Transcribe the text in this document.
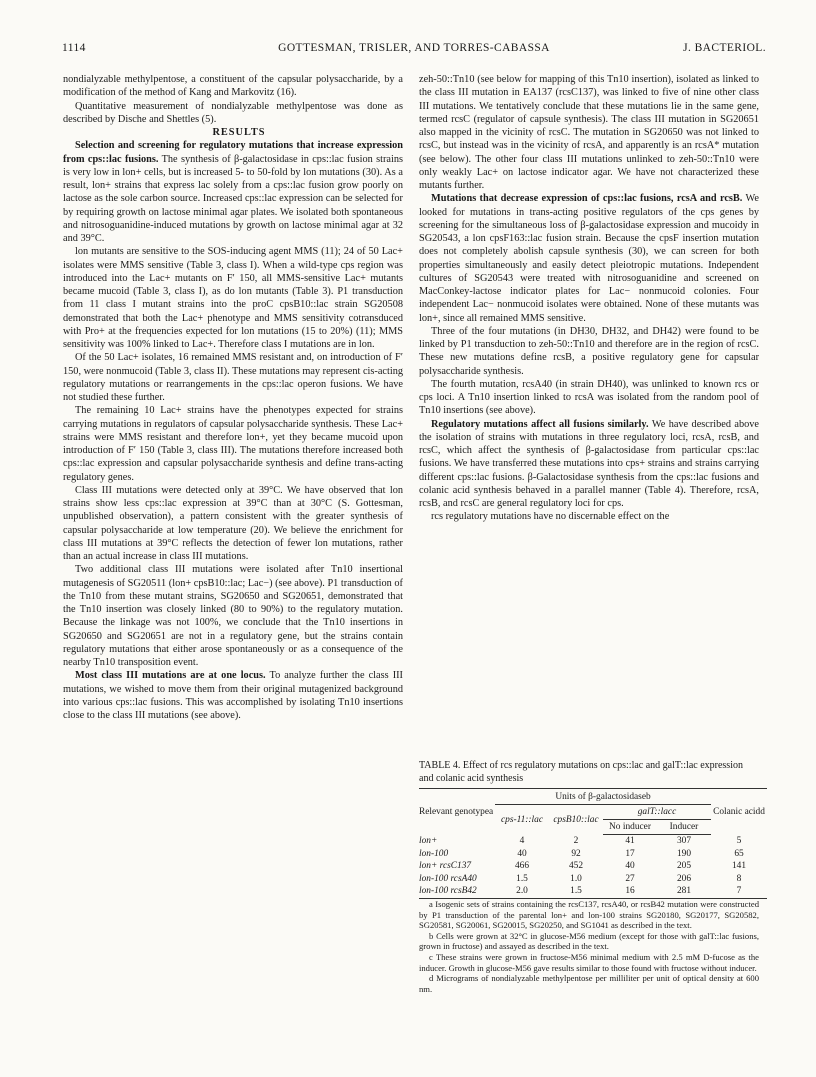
1114	GOTTESMAN, TRISLER, AND TORRES-CABASSA	J. BACTERIOL.

nondialyzable methylpentose, a constituent of the capsular polysaccharide, by a modification of the method of Kang and Markovitz (16).

Quantitative measurement of nondialyzable methylpentose was done as described by Dische and Shettles (5).

RESULTS

Selection and screening for regulatory mutations that increase expression from cps::lac fusions. The synthesis of β-galactosidase in cps::lac fusion strains is very low in lon+ cells, but is increased 5- to 50-fold by lon mutations (30). As a result, lon+ strains that express lac solely from a cps::lac fusion grow poorly on lactose as the sole carbon source. Increased cps::lac expression can be selected for by requiring growth on lactose minimal agar plates. We isolated both spontaneous and nitrosoguanidine-induced mutations by growth on lactose minimal agar at 32 and 39°C.

lon mutants are sensitive to the SOS-inducing agent MMS (11); 24 of 50 Lac+ isolates were MMS sensitive (Table 3, class I). When a wild-type cps region was introduced into the Lac+ mutants on F′ 150, all MMS-sensitive Lac+ mutants became mucoid (Table 3, class I), as do lon mutants (Table 3). P1 transduction from 11 class I mutant strains into the proC cpsB10::lac strain SG20508 demonstrated that both the Lac+ phenotype and MMS sensitivity cotransduced with Pro+ at the frequencies expected for lon mutations (15 to 20%) (11); MMS sensitivity was 100% linked to Lac+. Therefore class I mutations are in lon.

Of the 50 Lac+ isolates, 16 remained MMS resistant and, on introduction of F′ 150, were nonmucoid (Table 3, class II). These mutations may represent cis-acting regulatory mutations or rearrangements in the cps::lac operon fusions. We have not studied these further.

The remaining 10 Lac+ strains have the phenotypes expected for strains carrying mutations in regulators of capsular polysaccharide synthesis. These Lac+ strains were MMS resistant and therefore lon+, yet they became mucoid upon introduction of F′ 150 (Table 3, class III). The mutations therefore increased both cps::lac expression and capsular polysaccharide synthesis and define trans-acting regulatory genes.

Class III mutations were detected only at 39°C. We have observed that lon strains show less cps::lac expression at 39°C than at 30°C (S. Gottesman, unpublished observation), a pattern consistent with the greater synthesis of capsular polysaccharide at low temperature (20). We believe the enrichment for class III mutations at 39°C reflects the detection of fewer lon mutations, rather than an actual increase in class III mutations.

Two additional class III mutations were isolated after Tn10 insertional mutagenesis of SG20511 (lon+ cpsB10::lac; Lac−) (see above). P1 transduction of the Tn10 from these mutant strains, SG20650 and SG20651, demonstrated that the Tn10 insertion was closely linked (80 to 90%) to the regulatory mutation. Because the linkage was not 100%, we conclude that the Tn10 insertions in SG20650 and SG20651 are not in a regulatory gene, but the strains contain regulatory mutations that either arose spontaneously or as a consequence of the nearby Tn10 transposition event.

Most class III mutations are at one locus. To analyze further the class III mutations, we wished to move them from their original mutagenized background into various cps::lac fusions. This was accomplished by isolating Tn10 insertions close to the class III mutations (see above).

zeh-50::Tn10 (see below for mapping of this Tn10 insertion), isolated as linked to the class III mutation in EA137 (rcsC137), was linked to five of nine other class III mutations. We tentatively conclude that these mutations lie in the same gene, termed rcsC (regulator of capsule synthesis). The class III mutation in SG20651 also mapped in the vicinity of rcsC. The mutation in SG20650 was not linked to rcsC, but instead was in the vicinity of rcsA, and apparently is an rcsA* mutation (see below). The other four class III mutations unlinked to zeh-50::Tn10 were only weakly Lac+ on lactose indicator agar. We have not characterized these mutants further.

Mutations that decrease expression of cps::lac fusions, rcsA and rcsB. We looked for mutations in trans-acting positive regulators of the cps genes by screening for the simultaneous loss of β-galactosidase expression and mucoidy in SG20543, a lon cpsF163::lac fusion strain. Because the cpsF insertion mutation does not completely abolish capsule synthesis (30), we can screen for both properties simultaneously and easily detect pleiotropic mutations. Independent cultures of SG20543 were treated with nitrosoguanidine and screened on MacConkey-lactose indicator plates for Lac− nonmucoid colonies. Four independent Lac− nonmucoid isolates were obtained. None of these mutants was lon+, since all remained MMS sensitive.

Three of the four mutations (in DH30, DH32, and DH42) were found to be linked by P1 transduction to zeh-50::Tn10 and therefore are in the region of rcsC. These new mutations define rcsB, a positive regulatory gene for capsular polysaccharide synthesis.

The fourth mutation, rcsA40 (in strain DH40), was unlinked to known rcs or cps loci. A Tn10 insertion linked to rcsA was isolated from the random pool of Tn10 insertions (see above).

Regulatory mutations affect all fusions similarly. We have described above the isolation of strains with mutations in three regulatory loci, rcsA, rcsB, and rcsC, which affect the synthesis of β-galactosidase from particular cps::lac fusions. We have transferred these mutations into cps+ strains and strains carrying different cps::lac fusions. β-Galactosidase synthesis from the cps::lac fusions and colanic acid synthesis behaved in a parallel manner (Table 4). Therefore, rcsA, rcsB, and rcsC are general regulatory loci for cps.

rcs regulatory mutations have no discernable effect on the

TABLE 4. Effect of rcs regulatory mutations on cps::lac and galT::lac expression and colanic acid synthesis
Relevant genotypea	Units of β-galactosidaseb				Colanic acidd
	cps-11::lac	cpsB10::lac	galT::lacc		
			No inducer	Inducer	
lon+	4	2	41	307	5
lon-100	40	92	17	190	65
lon+ rcsC137	466	452	40	205	141
lon-100 rcsA40	1.5	1.0	27	206	8
lon-100 rcsB42	2.0	1.5	16	281	7

a Isogenic sets of strains containing the rcsC137, rcsA40, or rcsB42 mutation were constructed by P1 transduction of the parental lon+ and lon-100 strains SG20180, SG20177, SG20582, SG20581, SG20061, SG20015, SG20250, and SG1041 as described in the text.

b Cells were grown at 32°C in glucose-M56 medium (except for those with galT::lac fusions, grown in fructose) and assayed as described in the text.

c These strains were grown in fructose-M56 minimal medium with 2.5 mM D-fucose as the inducer. Growth in glucose-M56 gave results similar to those found with fructose without inducer.

d Micrograms of nondialyzable methylpentose per milliliter per unit of optical density at 600 nm.
